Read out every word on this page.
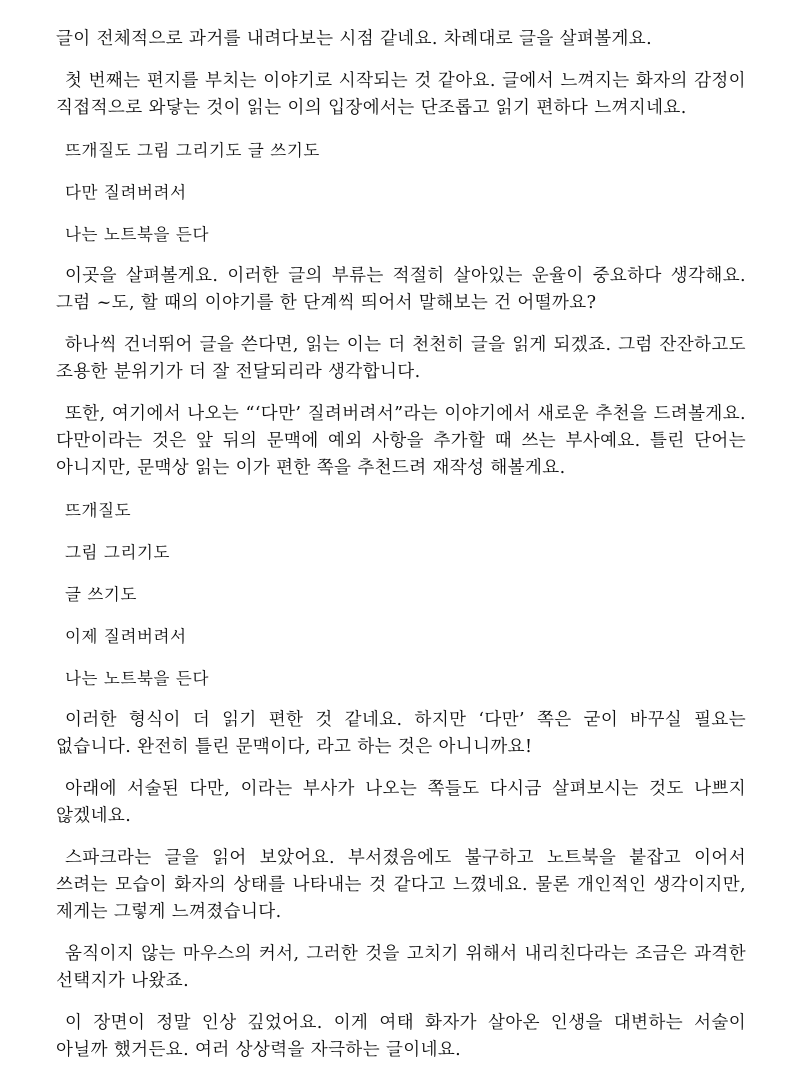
글이 전체적으로 과거를 내려다보는 시점 같네요. 차례대로 글을 살펴볼게요.

첫 번째는 편지를 부치는 이야기로 시작되는 것 같아요. 글에서 느껴지는 화자의 감정이 직접적으로 와닿는 것이 읽는 이의 입장에서는 단조롭고 읽기 편하다 느껴지네요.

뜨개질도 그림 그리기도 글 쓰기도

다만 질려버려서

나는 노트북을 든다

이곳을 살펴볼게요. 이러한 글의 부류는 적절히 살아있는 운율이 중요하다 생각해요. 그럼 ~도, 할 때의 이야기를 한 단계씩 띄어서 말해보는 건 어떨까요?

하나씩 건너뛰어 글을 쓴다면, 읽는 이는 더 천천히 글을 읽게 되겠죠. 그럼 잔잔하고도 조용한 분위기가 더 잘 전달되리라 생각합니다.

또한, 여기에서 나오는 “‘다만’ 질려버려서”라는 이야기에서 새로운 추천을 드려볼게요. 다만이라는 것은 앞 뒤의 문맥에 예외 사항을 추가할 때 쓰는 부사예요. 틀린 단어는 아니지만, 문맥상 읽는 이가 편한 쪽을 추천드려 재작성 해볼게요.

뜨개질도

그림 그리기도

글 쓰기도

이제 질려버려서

나는 노트북을 든다

이러한 형식이 더 읽기 편한 것 같네요. 하지만 ‘다만’ 쪽은 굳이 바꾸실 필요는 없습니다. 완전히 틀린 문맥이다, 라고 하는 것은 아니니까요!

아래에 서술된 다만, 이라는 부사가 나오는 쪽들도 다시금 살펴보시는 것도 나쁘지 않겠네요.

스파크라는 글을 읽어 보았어요. 부서졌음에도 불구하고 노트북을 붙잡고 이어서 쓰려는 모습이 화자의 상태를 나타내는 것 같다고 느꼈네요. 물론 개인적인 생각이지만, 제게는 그렇게 느껴졌습니다.

움직이지 않는 마우스의 커서, 그러한 것을 고치기 위해서 내리친다라는 조금은 과격한 선택지가 나왔죠.

이 장면이 정말 인상 깊었어요. 이게 여태 화자가 살아온 인생을 대변하는 서술이 아닐까 했거든요. 여러 상상력을 자극하는 글이네요.
